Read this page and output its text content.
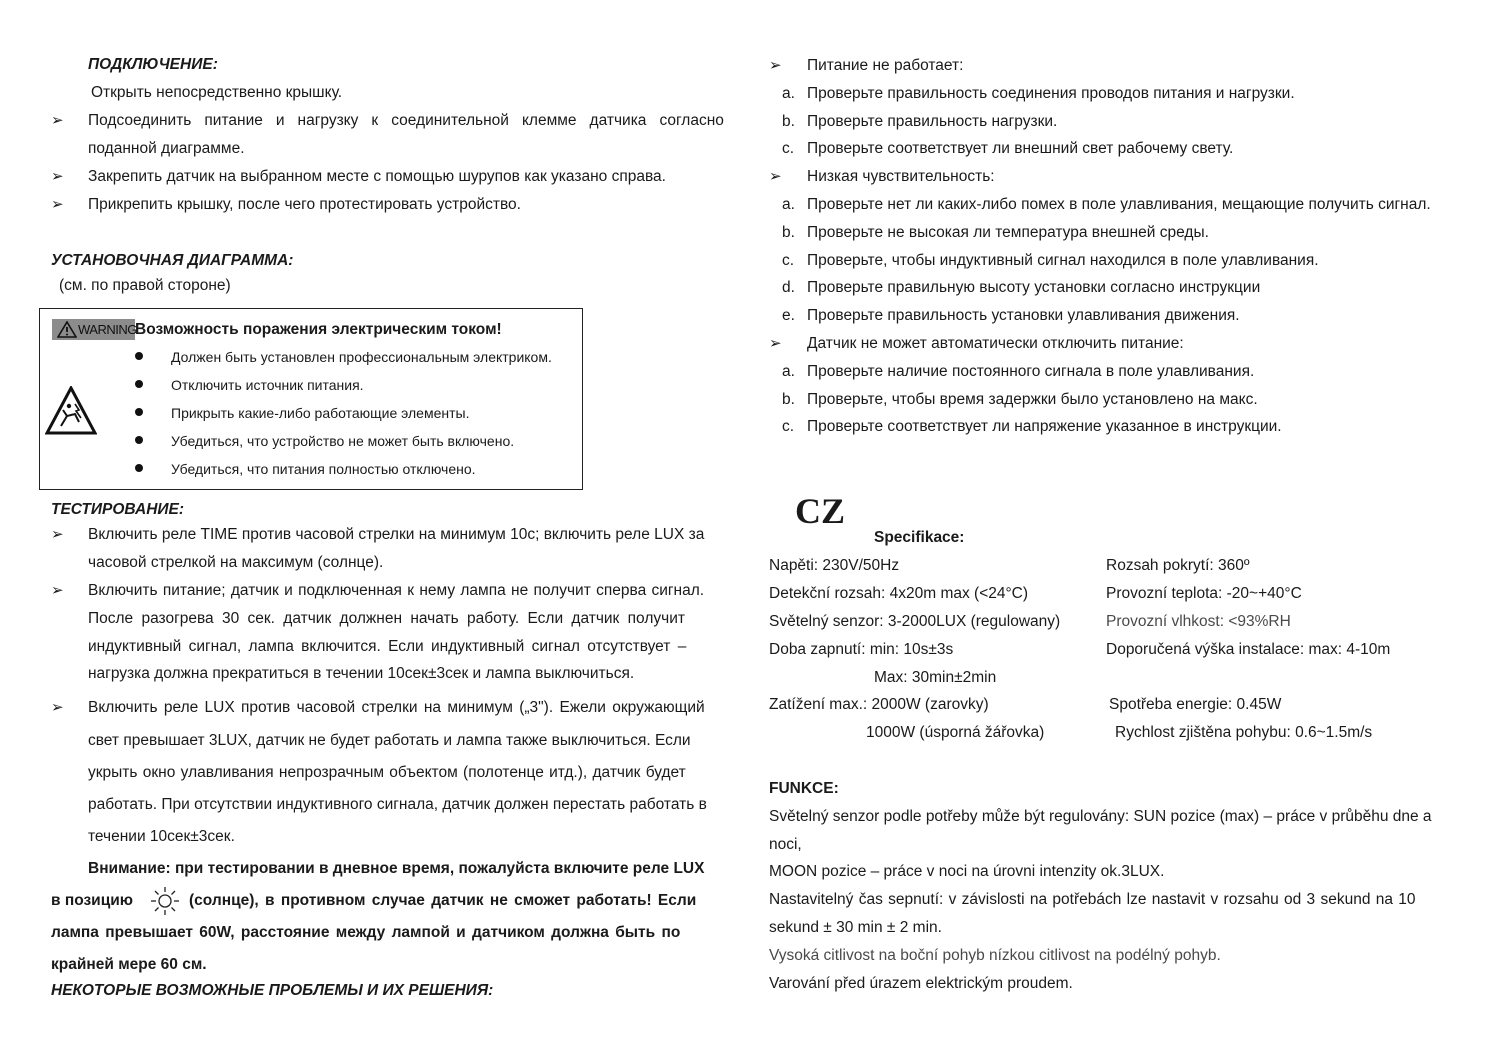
ПОДКЛЮЧЕНИЕ:
Открыть непосредственно крышку.
➢ Подсоединить питание и нагрузку к соединительной клемме датчика согласно
поданной диаграмме.
➢ Закрепить датчик на выбранном месте с помощью шурупов как указано справа.
➢ Прикрепить крышку, после чего протестировать устройство.
УСТАНОВОЧНАЯ ДИАГРАММА:
(см. по правой стороне)
WARNING
Возможность поражения электрическим током!
Должен быть установлен профессиональным электриком.
Отключить источник питания.
Прикрыть какие-либо работающие элементы.
Убедиться, что устройство не может быть включено.
Убедиться, что питания полностью отключено.
ТЕСТИРОВАНИЕ:
➢ Включить реле TIME против часовой стрелки на минимум 10с; включить реле LUX за
часовой стрелкой на максимум (солнце).
➢ Включить питание; датчик и подключенная к нему лампа не получит сперва сигнал.
После разогрева 30 сек. датчик должнен начать работу. Если датчик получит
индуктивный сигнал, лампа включится. Если индуктивный сигнал отсутствует –
нагрузка должна прекратиться в течении 10сек±3сек и лампа выключиться.
➢ Включить реле LUX против часовой стрелки на минимум („3"). Ежели окружающий
свет превышает 3LUX, датчик не будет работать и лампа также выключиться. Если
укрыть окно улавливания непрозрачным объектом (полотенце итд.), датчик будет
работать. При отсутствии индуктивного сигнала, датчик должен перестать работать в
течении 10сек±3сек.
Внимание: при тестировании в дневное время, пожалуйста включите реле LUX
в позицию	(солнце), в противном случае датчик не сможет работать! Если
лампа превышает 60W, расстояние между лампой и датчиком должна быть по
крайней мере 60 см.
НЕКОТОРЫЕ ВОЗМОЖНЫЕ ПРОБЛЕМЫ И ИХ РЕШЕНИЯ:
➢ Питание не работает:
a. Проверьте правильность соединения проводов питания и нагрузки.
b. Проверьте правильность нагрузки.
c. Проверьте соответствует ли внешний свет рабочему свету.
➢ Низкая чувствительность:
a. Проверьте нет ли каких-либо помех в поле улавливания, мещающие получить сигнал.
b. Проверьте не высокая ли температура внешней среды.
c. Проверьте, чтобы индуктивный сигнал находился в поле улавливания.
d. Проверьте правильную высоту установки согласно инструкции
e. Проверьте правильность установки улавливания движения.
➢ Датчик не может автоматически отключить питание:
a. Проверьте наличие постоянного сигнала в поле улавливания.
b. Проверьте, чтобы время задержки было установлено на макс.
c. Проверьте соответствует ли напряжение указанное в инструкции.
CZ
Specifikace:
Napěti: 230V/50Hz
Detekční rozsah: 4x20m max (<24°C)
Světelný senzor: 3-2000LUX (regulowany)
Doba zapnutí: min: 10s±3s
Max: 30min±2min
Zatížení max.: 2000W (zarovky)
1000W (úsporná žářovka)
Rozsah pokrytí: 360º
Provozní teplota: -20~+40°C
Provozní vlhkost: <93%RH
Doporučená výška instalace: max: 4-10m
Spotřeba energie: 0.45W
Rychlost zjištěna pohybu: 0.6~1.5m/s
FUNKCE:
Světelný senzor podle potřeby může být regulovány: SUN pozice (max) – práce v průběhu dne a
noci,
MOON pozice – práce v noci na úrovni intenzity ok.3LUX.
Nastavitelný čas sepnutí: v závislosti na potřebách lze nastavit v rozsahu od 3 sekund na 10
sekund ± 30 min ± 2 min.
Vysoká citlivost na boční pohyb nízkou citlivost na podélný pohyb.
Varování před úrazem elektrickým proudem.
